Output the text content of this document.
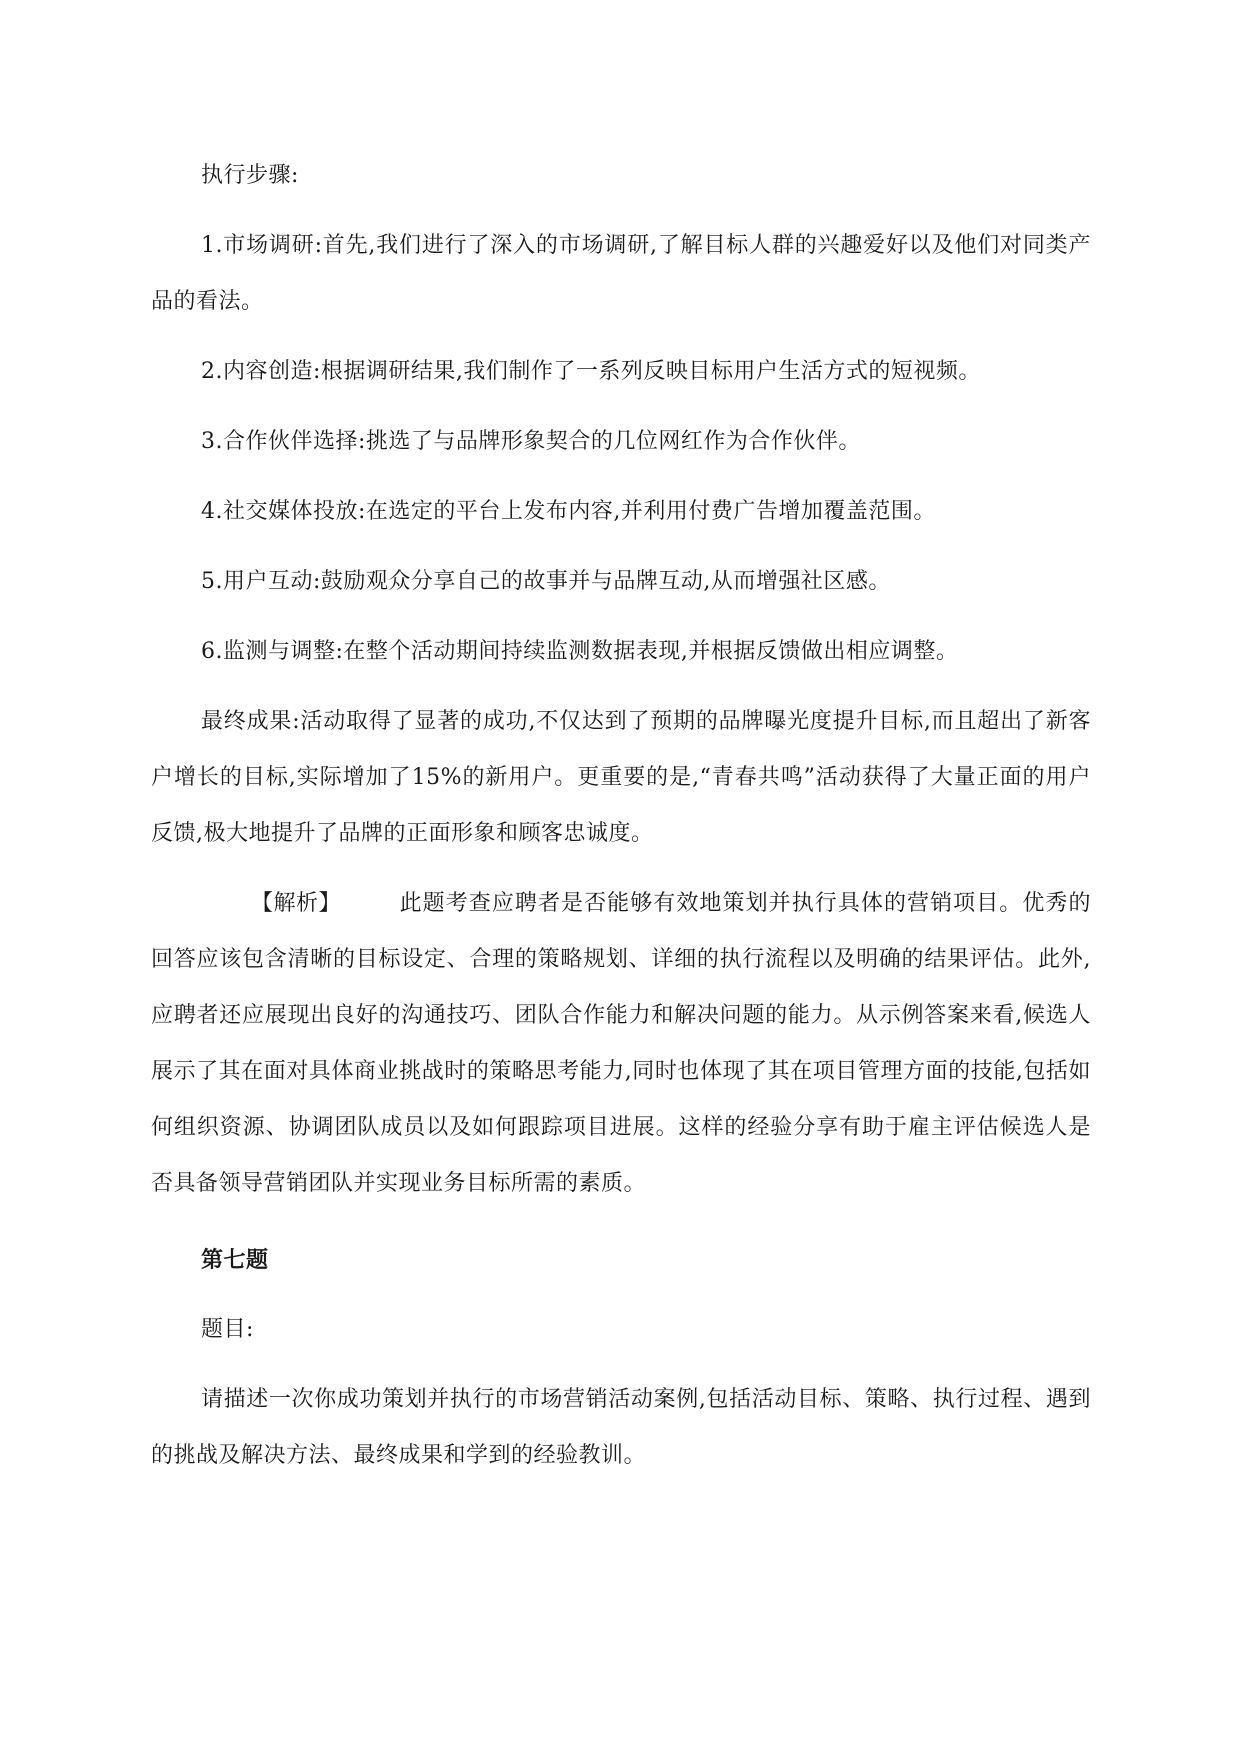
执行步骤:

1.市场调研:首先,我们进行了深入的市场调研,了解目标人群的兴趣爱好以及他们对同类产品的看法。

2.内容创造:根据调研结果,我们制作了一系列反映目标用户生活方式的短视频。

3.合作伙伴选择:挑选了与品牌形象契合的几位网红作为合作伙伴。

4.社交媒体投放:在选定的平台上发布内容,并利用付费广告增加覆盖范围。

5.用户互动:鼓励观众分享自己的故事并与品牌互动,从而增强社区感。

6.监测与调整:在整个活动期间持续监测数据表现,并根据反馈做出相应调整。

最终成果:活动取得了显著的成功,不仅达到了预期的品牌曝光度提升目标,而且超出了新客户增长的目标,实际增加了15%的新用户。更重要的是,“青春共鸣”活动获得了大量正面的用户反馈,极大地提升了品牌的正面形象和顾客忠诚度。

【解析】	此题考查应聘者是否能够有效地策划并执行具体的营销项目。优秀的回答应该包含清晰的目标设定、合理的策略规划、详细的执行流程以及明确的结果评估。此外,应聘者还应展现出良好的沟通技巧、团队合作能力和解决问题的能力。从示例答案来看,候选人展示了其在面对具体商业挑战时的策略思考能力,同时也体现了其在项目管理方面的技能,包括如何组织资源、协调团队成员以及如何跟踪项目进展。这样的经验分享有助于雇主评估候选人是否具备领导营销团队并实现业务目标所需的素质。

第七题

题目:

请描述一次你成功策划并执行的市场营销活动案例,包括活动目标、策略、执行过程、遇到的挑战及解决方法、最终成果和学到的经验教训。
